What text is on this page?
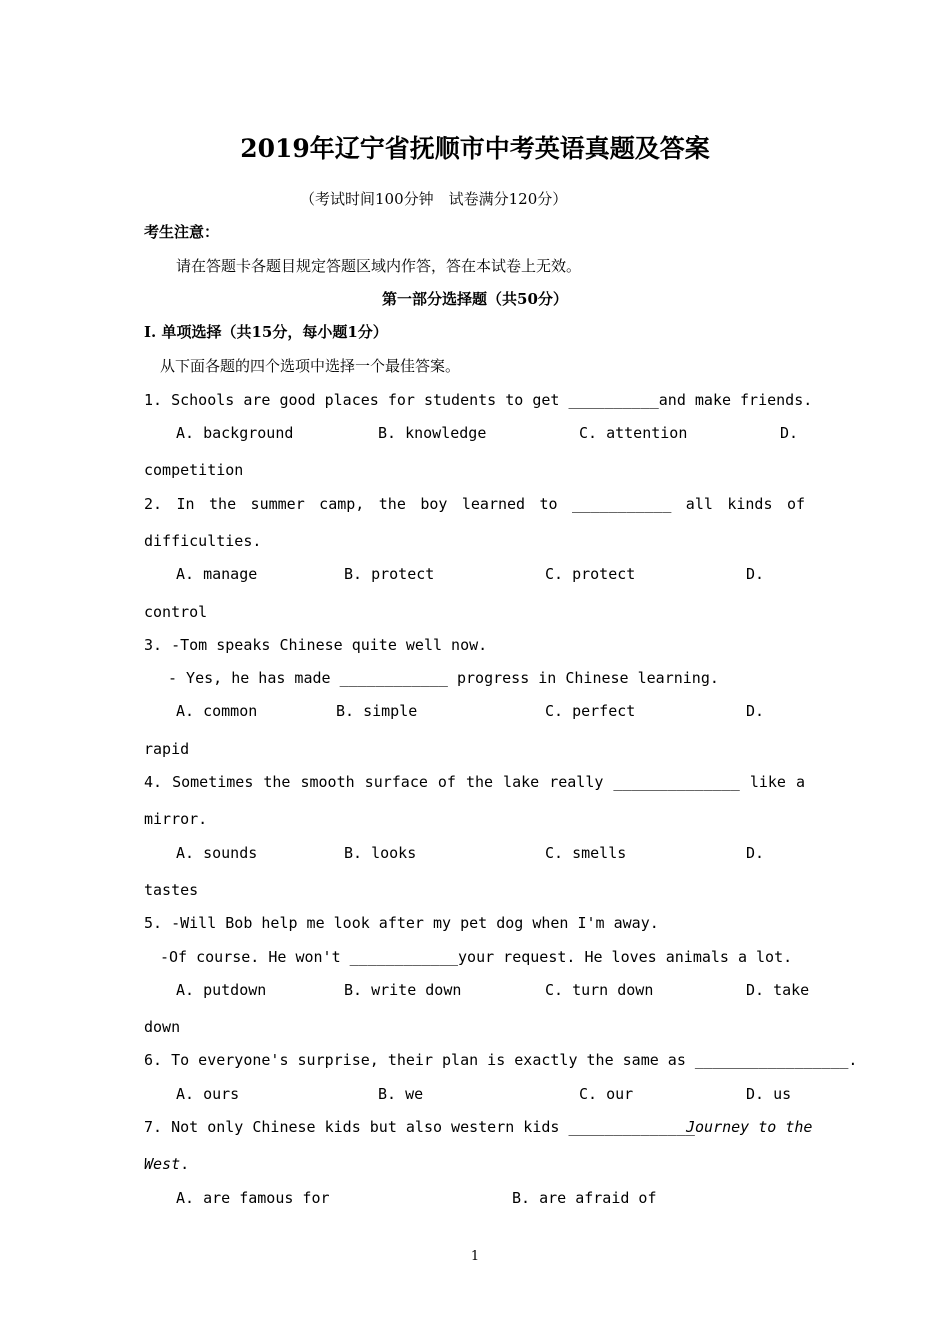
2019年辽宁省抚顺市中考英语真题及答案
（考试时间100分钟　试卷满分120分）
考生注意：
请在答题卡各题目规定答题区域内作答，答在本试卷上无效。
第一部分选择题（共50分）
I. 单项选择（共15分，每小题1分）
从下面各题的四个选项中选择一个最佳答案。
1. Schools are good places for students to get __________and make friends.
A. background	B. knowledge	C. attention	D.
competition
2. In the summer camp, the boy learned to ___________ all kinds of
difficulties.
A. manage	B. protect	C. protect	D.
control
3. -Tom speaks Chinese quite well now.
- Yes, he has made ____________ progress in Chinese learning.
A. common	B. simple	C. perfect	D.
rapid
4. Sometimes the smooth surface of the lake really ______________ like a
mirror.
A. sounds	B. looks	C. smells	D.
tastes
5. -Will Bob help me look after my pet dog when I'm away.
-Of course. He won't ____________your request. He loves animals a lot.
A. putdown	B. write down	C. turn down	D. take
down
6. To everyone's surprise, their plan is exactly the same as _________________.
A. ours	B. we	C. our	D. us
7. Not only Chinese kids but also western kids ______________
Journey to the
West.
A. are famous for	B. are afraid of
1
